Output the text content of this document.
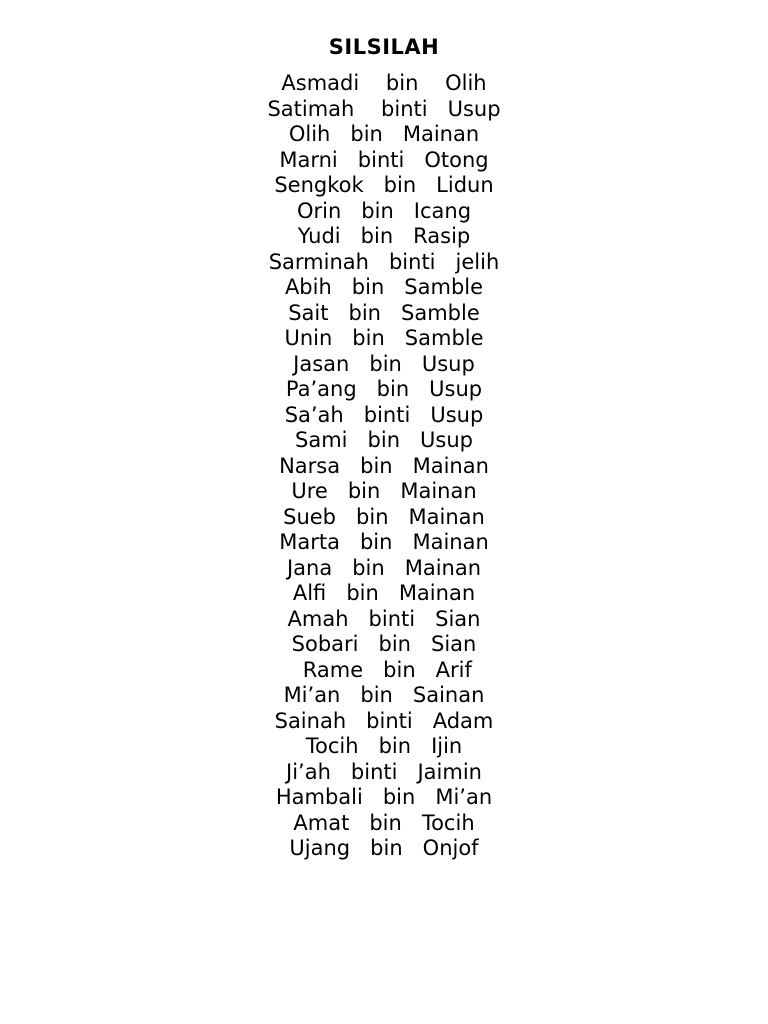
SILSILAH
Asmadi    bin    Olih
Satimah    binti   Usup
Olih   bin   Mainan
Marni   binti   Otong
Sengkok   bin   Lidun
Orin   bin   Icang
Yudi   bin   Rasip
Sarminah   binti   jelih
Abih   bin   Samble
Sait   bin   Samble
Unin   bin   Samble
Jasan   bin   Usup
Pa’ang   bin   Usup
Sa’ah   binti   Usup
Sami   bin   Usup
Narsa   bin   Mainan
Ure   bin   Mainan
Sueb   bin   Mainan
Marta   bin   Mainan
Jana   bin   Mainan
Alfi   bin   Mainan
Amah   binti   Sian
Sobari   bin   Sian
Rame   bin   Arif
Mi’an   bin   Sainan
Sainah   binti   Adam
Tocih   bin   Ijin
Ji’ah   binti   Jaimin
Hambali   bin   Mi’an
Amat   bin   Tocih
Ujang   bin   Onjof
